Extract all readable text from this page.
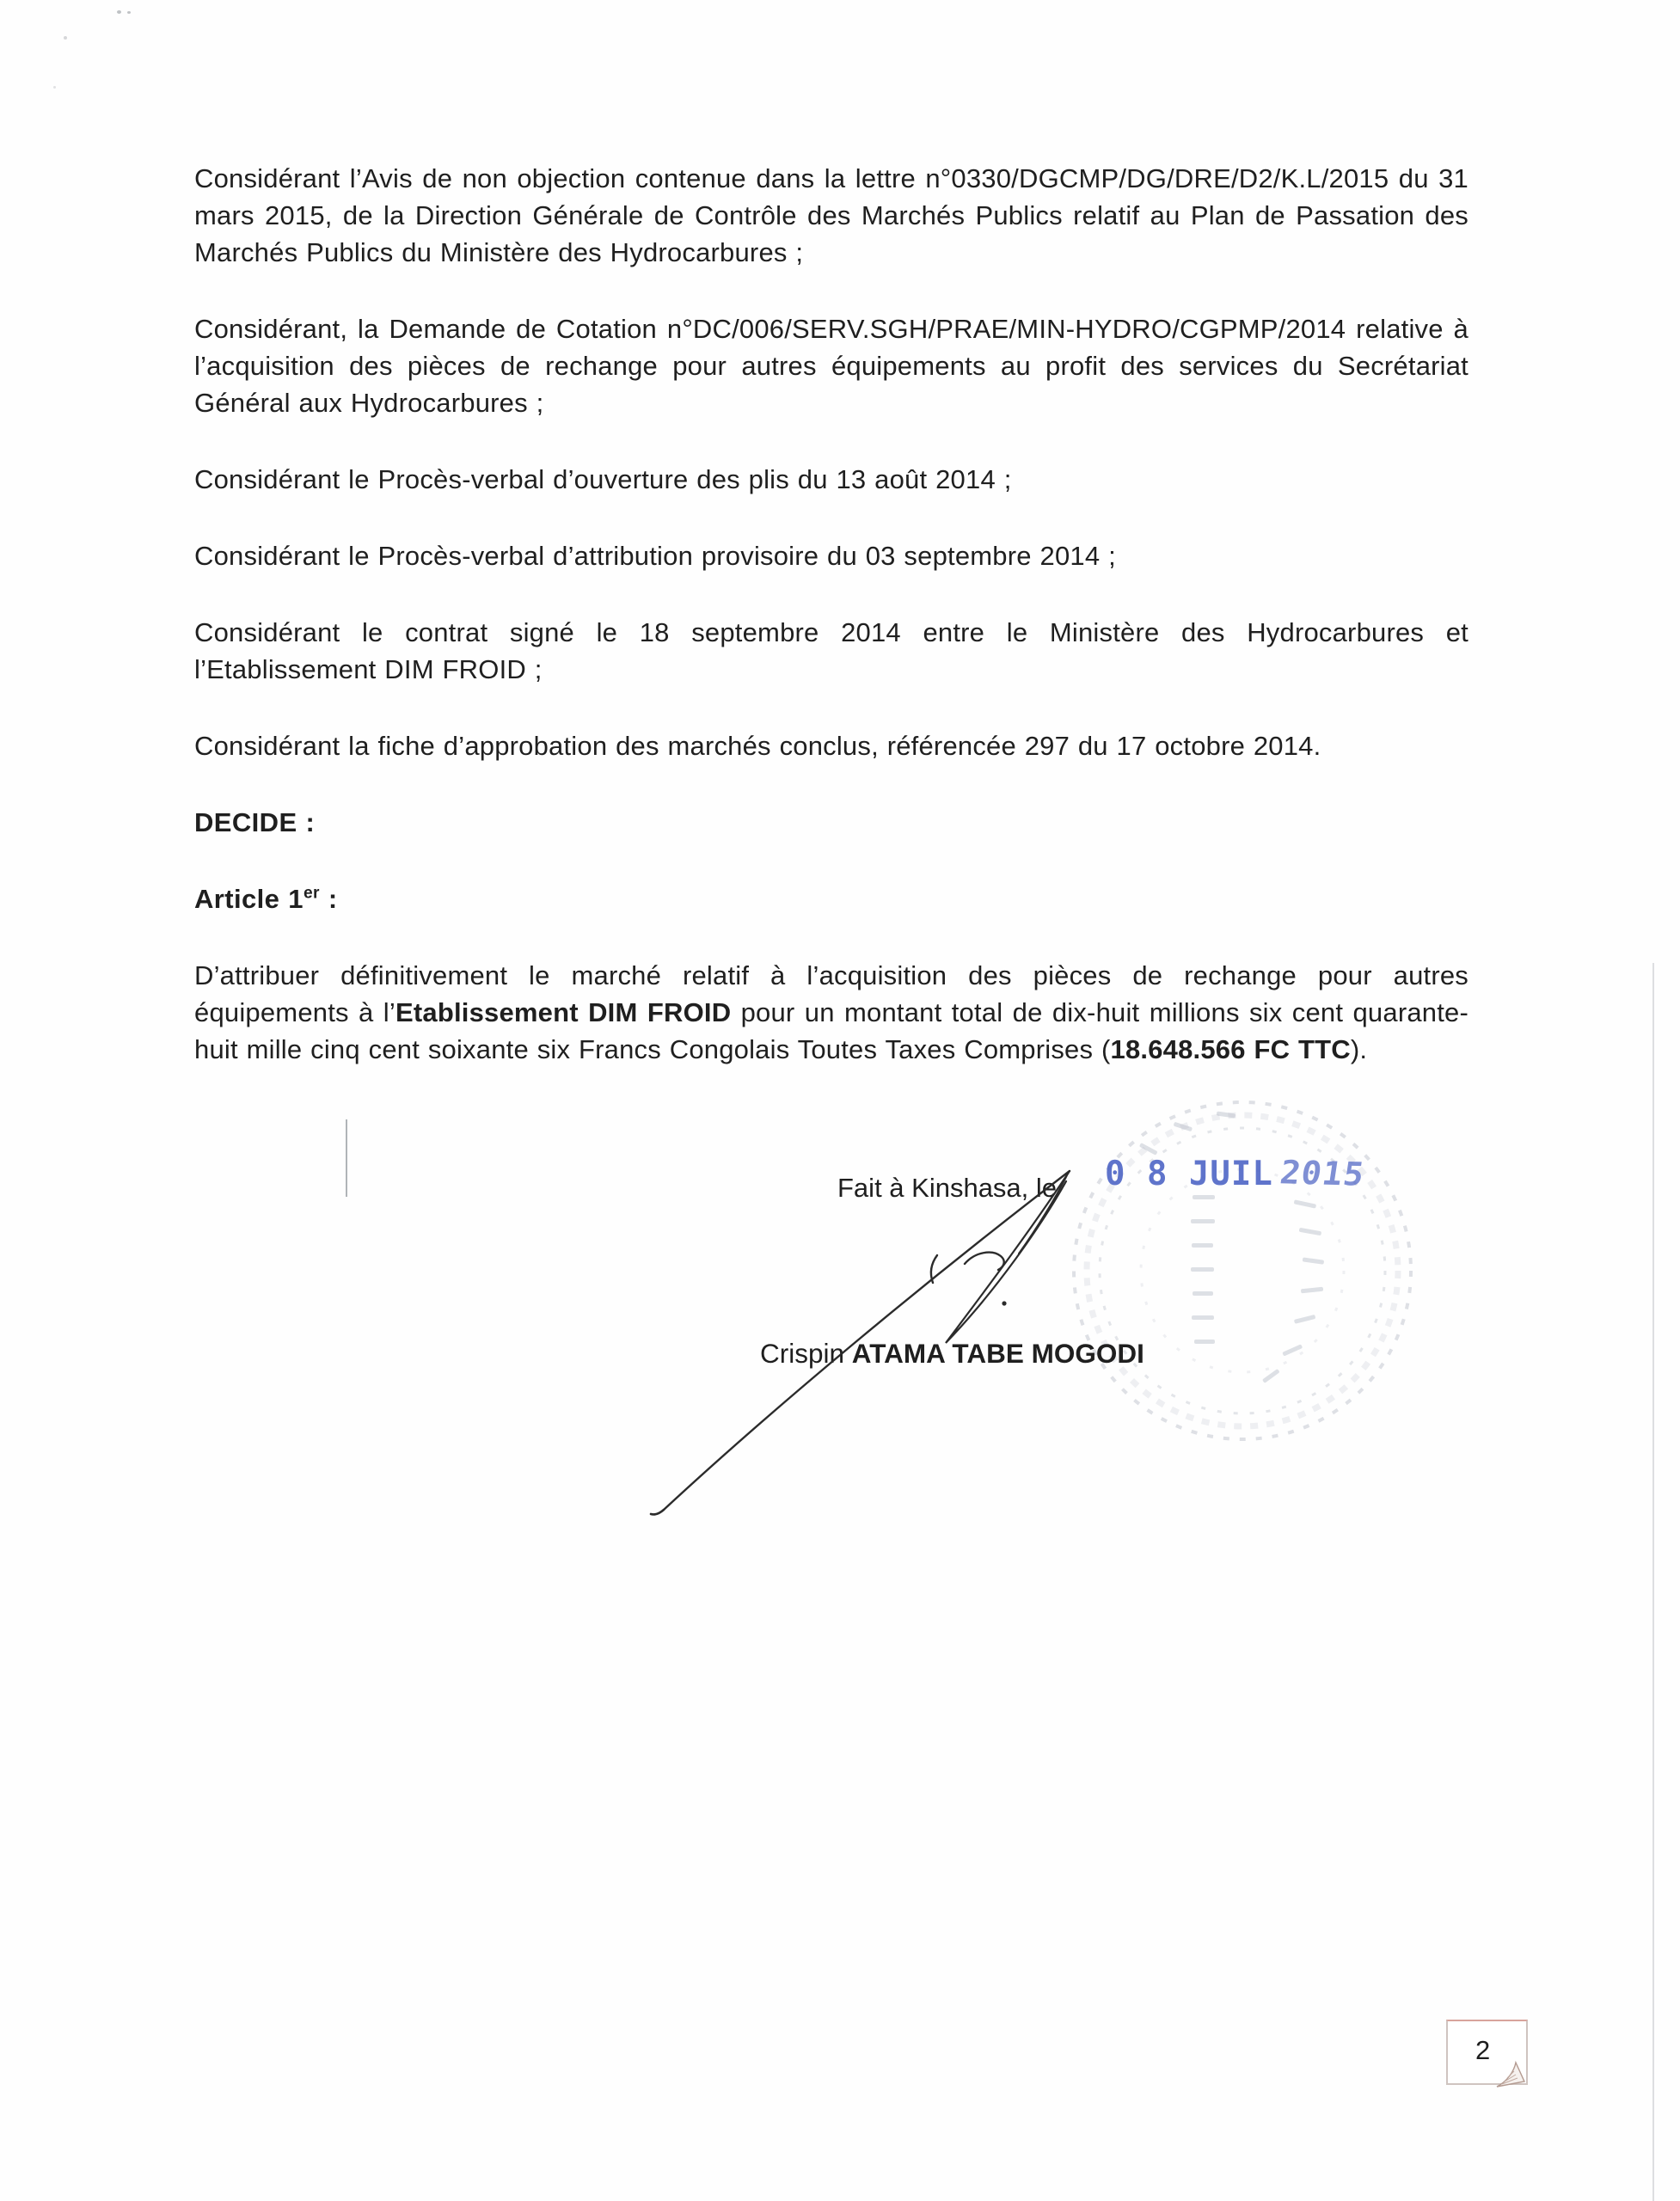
Considérant l’Avis de non objection contenue dans la lettre n°0330/DGCMP/DG/DRE/D2/K.L/2015 du 31 mars 2015, de la Direction Générale de Contrôle des Marchés Publics relatif au Plan de Passation des Marchés Publics du Ministère des Hydrocarbures ;

Considérant, la Demande de Cotation n°DC/006/SERV.SGH/PRAE/MIN-HYDRO/CGPMP/2014 relative à l’acquisition des pièces de rechange pour autres équipements au profit des services du Secrétariat Général aux Hydrocarbures ;

Considérant le Procès-verbal d’ouverture des plis du 13 août 2014 ;

Considérant le Procès-verbal d’attribution provisoire du 03 septembre 2014 ;

Considérant le contrat signé le 18 septembre 2014 entre le Ministère des Hydrocarbures et l’Etablissement DIM FROID ;

Considérant la fiche d’approbation des marchés conclus, référencée 297 du 17 octobre 2014.

DECIDE :

Article 1er :

D’attribuer définitivement le marché relatif à l’acquisition des pièces de rechange pour autres équipements à l’Etablissement DIM FROID pour un montant total de dix-huit millions six cent quarante-huit mille cinq cent soixante six Francs Congolais Toutes Taxes Comprises (18.648.566 FC TTC).

Fait à Kinshasa, le 0 8 JUIL 2015
Crispin ATAMA TABE MOGODI
2
